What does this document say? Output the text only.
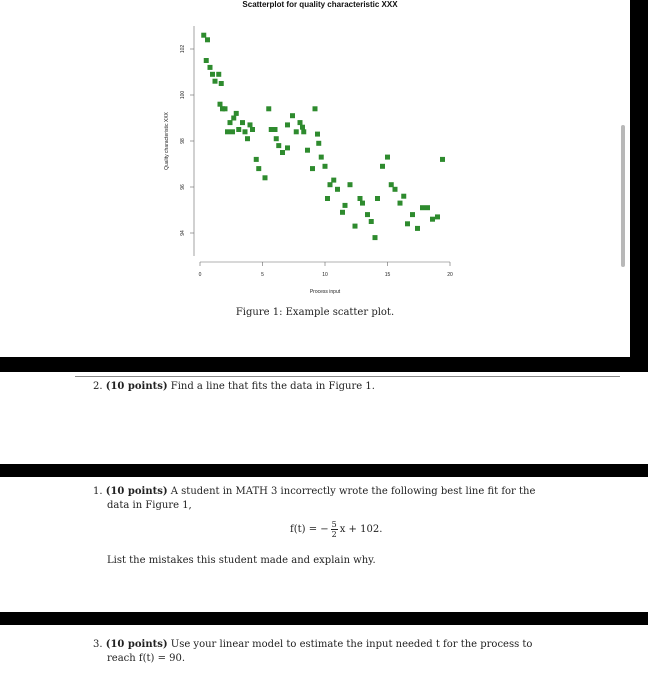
Scatterplot for quality characteristic XXX
0	5	10	15	20
94
96
98
100
102
Process input
Quality characteristic XXX
Figure 1: Example scatter plot.
2. (10 points) Find a line that fits the data in Figure 1.
1. (10 points) A student in MATH 3 incorrectly wrote the following best line fit for the
data in Figure 1,
f(t) = − $\frac{5}{2}$ x + 102.
List the mistakes this student made and explain why.
3. (10 points) Use your linear model to estimate the input needed t for the process to
reach f(t) = 90.
